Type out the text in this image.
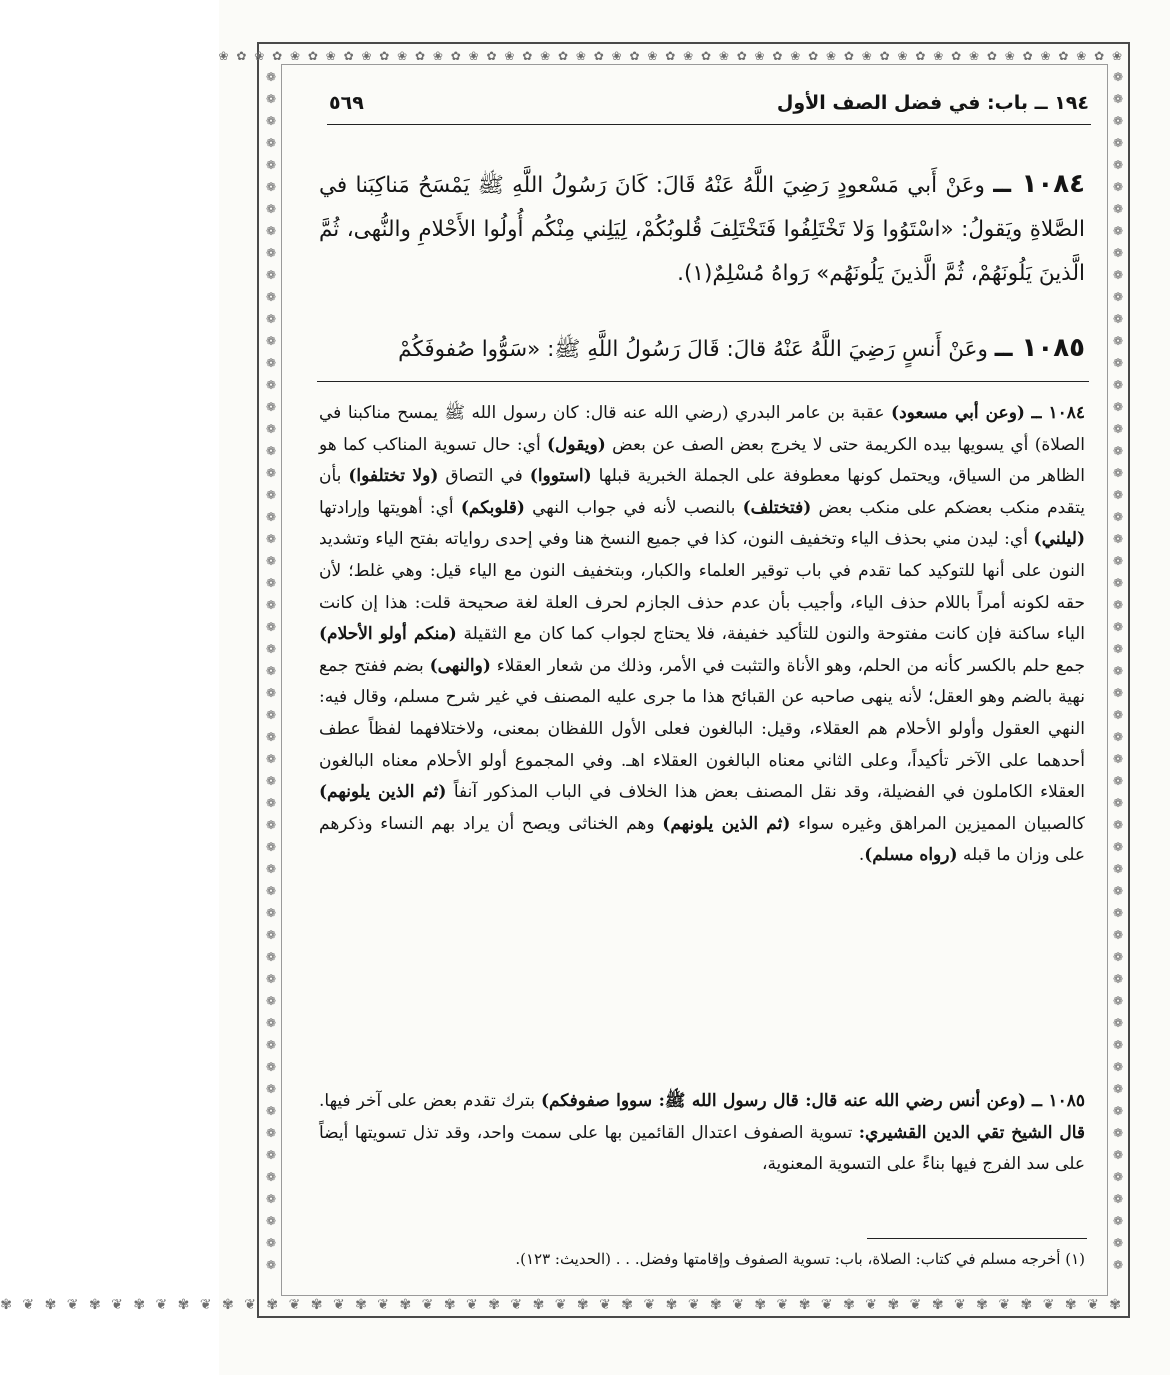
❀ ✿ ❀ ✿ ❀ ✿ ❀ ✿ ❀ ✿ ❀ ✿ ❀ ✿ ❀ ✿ ❀ ✿ ❀ ✿ ❀ ✿ ❀ ✿ ❀ ✿ ❀ ✿ ❀ ✿ ❀ ✿ ❀ ✿ ❀ ✿ ❀ ✿ ❀ ✿ ❀ ✿ ❀ ✿ ❀ ✿ ❀ ✿ ❀ ✿ ❀
✾ ❦ ✾ ❦ ✾ ❦ ✾ ❦ ✾ ❦ ✾ ❦ ✾ ❦ ✾ ❦ ✾ ❦ ✾ ❦ ✾ ❦ ✾ ❦ ✾ ❦ ✾ ❦ ✾ ❦ ✾ ❦ ✾ ❦ ✾ ❦ ✾ ❦ ✾ ❦ ✾ ❦ ✾ ❦ ✾ ❦ ✾ ❦ ✾ ❦ ✾
❁ ❁ ❁ ❁ ❁ ❁ ❁ ❁ ❁ ❁ ❁ ❁ ❁ ❁ ❁ ❁ ❁ ❁ ❁ ❁ ❁ ❁ ❁ ❁ ❁ ❁ ❁ ❁ ❁ ❁ ❁ ❁ ❁ ❁ ❁ ❁ ❁ ❁ ❁ ❁ ❁ ❁ ❁ ❁ ❁ ❁ ❁ ❁ ❁ ❁ ❁ ❁ ❁ ❁ ❁
❁ ❁ ❁ ❁ ❁ ❁ ❁ ❁ ❁ ❁ ❁ ❁ ❁ ❁ ❁ ❁ ❁ ❁ ❁ ❁ ❁ ❁ ❁ ❁ ❁ ❁ ❁ ❁ ❁ ❁ ❁ ❁ ❁ ❁ ❁ ❁ ❁ ❁ ❁ ❁ ❁ ❁ ❁ ❁ ❁ ❁ ❁ ❁ ❁ ❁ ❁ ❁ ❁ ❁ ❁
١٩٤ ــ باب: في فضل الصف الأول
٥٦٩

١٠٨٤ ــ وعَنْ أَبي مَسْعودٍ رَضِيَ اللَّهُ عَنْهُ قَالَ: كَانَ رَسُولُ اللَّهِ ﷺ يَمْسَحُ مَناكِبَنا في الصَّلاةِ ويَقولُ: «اسْتَوُوا وَلا تَخْتَلِفُوا فَتَخْتَلِفَ قُلوبُكُمْ، لِيَلِني مِنْكُم أُولُوا الأَحْلامِ والنُّهى، ثُمَّ الَّذينَ يَلُونَهُمْ، ثُمَّ الَّذينَ يَلُونَهُم» رَواهُ مُسْلِمٌ(١).

١٠٨٥ ــ وعَنْ أَنسٍ رَضِيَ اللَّهُ عَنْهُ قالَ: قَالَ رَسُولُ اللَّهِ ﷺ: «سَوُّوا صُفوفَكُمْ

١٠٨٤ ــ (وعن أبي مسعود) عقبة بن عامر البدري (رضي الله عنه قال: كان رسول الله ﷺ يمسح مناكبنا في الصلاة) أي يسويها بيده الكريمة حتى لا يخرج بعض الصف عن بعض (ويقول) أي: حال تسوية المناكب كما هو الظاهر من السياق، ويحتمل كونها معطوفة على الجملة الخبرية قبلها (استووا) في التصاق (ولا تختلفوا) بأن يتقدم منكب بعضكم على منكب بعض (فتختلف) بالنصب لأنه في جواب النهي (قلوبكم) أي: أهويتها وإرادتها (ليلني) أي: ليدن مني بحذف الياء وتخفيف النون، كذا في جميع النسخ هنا وفي إحدى رواياته بفتح الياء وتشديد النون على أنها للتوكيد كما تقدم في باب توقير العلماء والكبار، وبتخفيف النون مع الياء قيل: وهي غلط؛ لأن حقه لكونه أمراً باللام حذف الياء، وأجيب بأن عدم حذف الجازم لحرف العلة لغة صحيحة قلت: هذا إن كانت الياء ساكنة فإن كانت مفتوحة والنون للتأكيد خفيفة، فلا يحتاج لجواب كما كان مع الثقيلة (منكم أولو الأحلام) جمع حلم بالكسر كأنه من الحلم، وهو الأناة والتثبت في الأمر، وذلك من شعار العقلاء (والنهى) بضم ففتح جمع نهية بالضم وهو العقل؛ لأنه ينهى صاحبه عن القبائح هذا ما جرى عليه المصنف في غير شرح مسلم، وقال فيه: النهي العقول وأولو الأحلام هم العقلاء، وقيل: البالغون فعلى الأول اللفظان بمعنى، ولاختلافهما لفظاً عطف أحدهما على الآخر تأكيداً، وعلى الثاني معناه البالغون العقلاء اهـ. وفي المجموع أولو الأحلام معناه البالغون العقلاء الكاملون في الفضيلة، وقد نقل المصنف بعض هذا الخلاف في الباب المذكور آنفاً (ثم الذين يلونهم) كالصبيان المميزين المراهق وغيره سواء (ثم الذين يلونهم) وهم الخناثى ويصح أن يراد بهم النساء وذكرهم على وزان ما قبله (رواه مسلم).

١٠٨٥ ــ (وعن أنس رضي الله عنه قال: قال رسول الله ﷺ: سووا صفوفكم) بترك تقدم بعض على آخر فيها. قال الشيخ تقي الدين القشيري: تسوية الصفوف اعتدال القائمين بها على سمت واحد، وقد تذل تسويتها أيضاً على سد الفرج فيها بناءً على التسوية المعنوية،

(١) أخرجه مسلم في كتاب: الصلاة، باب: تسوية الصفوف وإقامتها وفضل. . . (الحديث: ١٢٣).
